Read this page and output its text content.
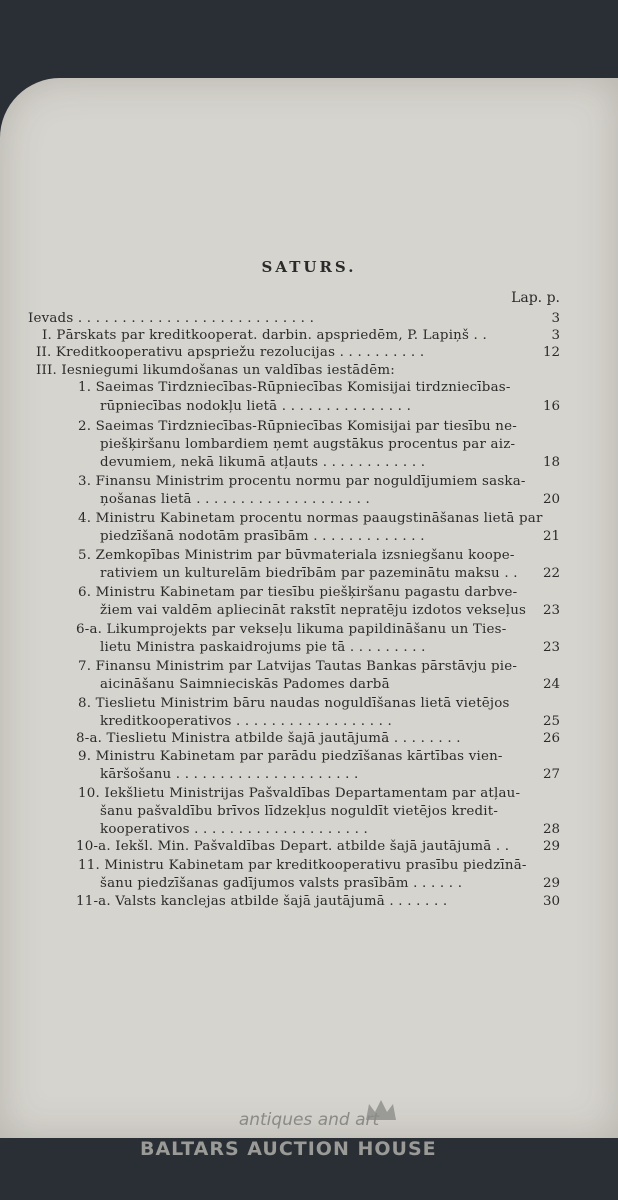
SATURS.
Lap. p.
Ievads . . . . . . . . . . . . . . . . . . . . . . . . . . .	3
I. Pārskats par kreditkooperat. darbin. apspriedēm, P. Lapiņš . .	3
II. Kreditkooperativu apspriežu rezolucijas . . . . . . . . . .	12
III. Iesniegumi likumdošanas un valdības iestādēm:
1. Saeimas Tirdzniecības-Rūpniecības Komisijai tirdzniecības-
rūpniecības nodokļu lietā . . . . . . . . . . . . . . .	16
2. Saeimas Tirdzniecības-Rūpniecības Komisijai par tiesību ne-
piešķiršanu lombardiem ņemt augstākus procentus par aiz-
devumiem, nekā likumā atļauts . . . . . . . . . . . .	18
3. Finansu Ministrim procentu normu par noguldījumiem saska-
ņošanas lietā . . . . . . . . . . . . . . . . . . . .	20
4. Ministru Kabinetam procentu normas paaugstināšanas lietā par
piedzīšanā nodotām prasībām . . . . . . . . . . . . .	21
5. Zemkopības Ministrim par būvmateriala izsniegšanu koope-
rativiem un kulturelām biedrībām par pazeminātu maksu . .	22
6. Ministru Kabinetam par tiesību piešķiršanu pagastu darbve-
žiem vai valdēm apliecināt rakstīt nepratēju izdotos vekseļus	23
6-a. Likumprojekts par vekseļu likuma papildināšanu un Ties-
lietu Ministra paskaidrojums pie tā . . . . . . . . .	23
7. Finansu Ministrim par Latvijas Tautas Bankas pārstāvju pie-
aicināšanu Saimnieciskās Padomes darbā	24
8. Tieslietu Ministrim bāru naudas noguldīšanas lietā vietējos
kreditkooperativos . . . . . . . . . . . . . . . . . .	25
8-a. Tieslietu Ministra atbilde šajā jautājumā . . . . . . . .	26
9. Ministru Kabinetam par parādu piedzīšanas kārtības vien-
kāršošanu . . . . . . . . . . . . . . . . . . . . .	27
10. Iekšlietu Ministrijas Pašvaldības Departamentam par atļau-
šanu pašvaldību brīvos līdzekļus noguldīt vietējos kredit-
kooperativos . . . . . . . . . . . . . . . . . . . .	28
10-a. Iekšl. Min. Pašvaldības Depart. atbilde šajā jautājumā . .	29
11. Ministru Kabinetam par kreditkooperativu prasību piedzīnā-
šanu piedzīšanas gadījumos valsts prasībām . . . . . .	29
11-a. Valsts kanclejas atbilde šajā jautājumā . . . . . . .	30
antiques and art
BALTARS AUCTION HOUSE
